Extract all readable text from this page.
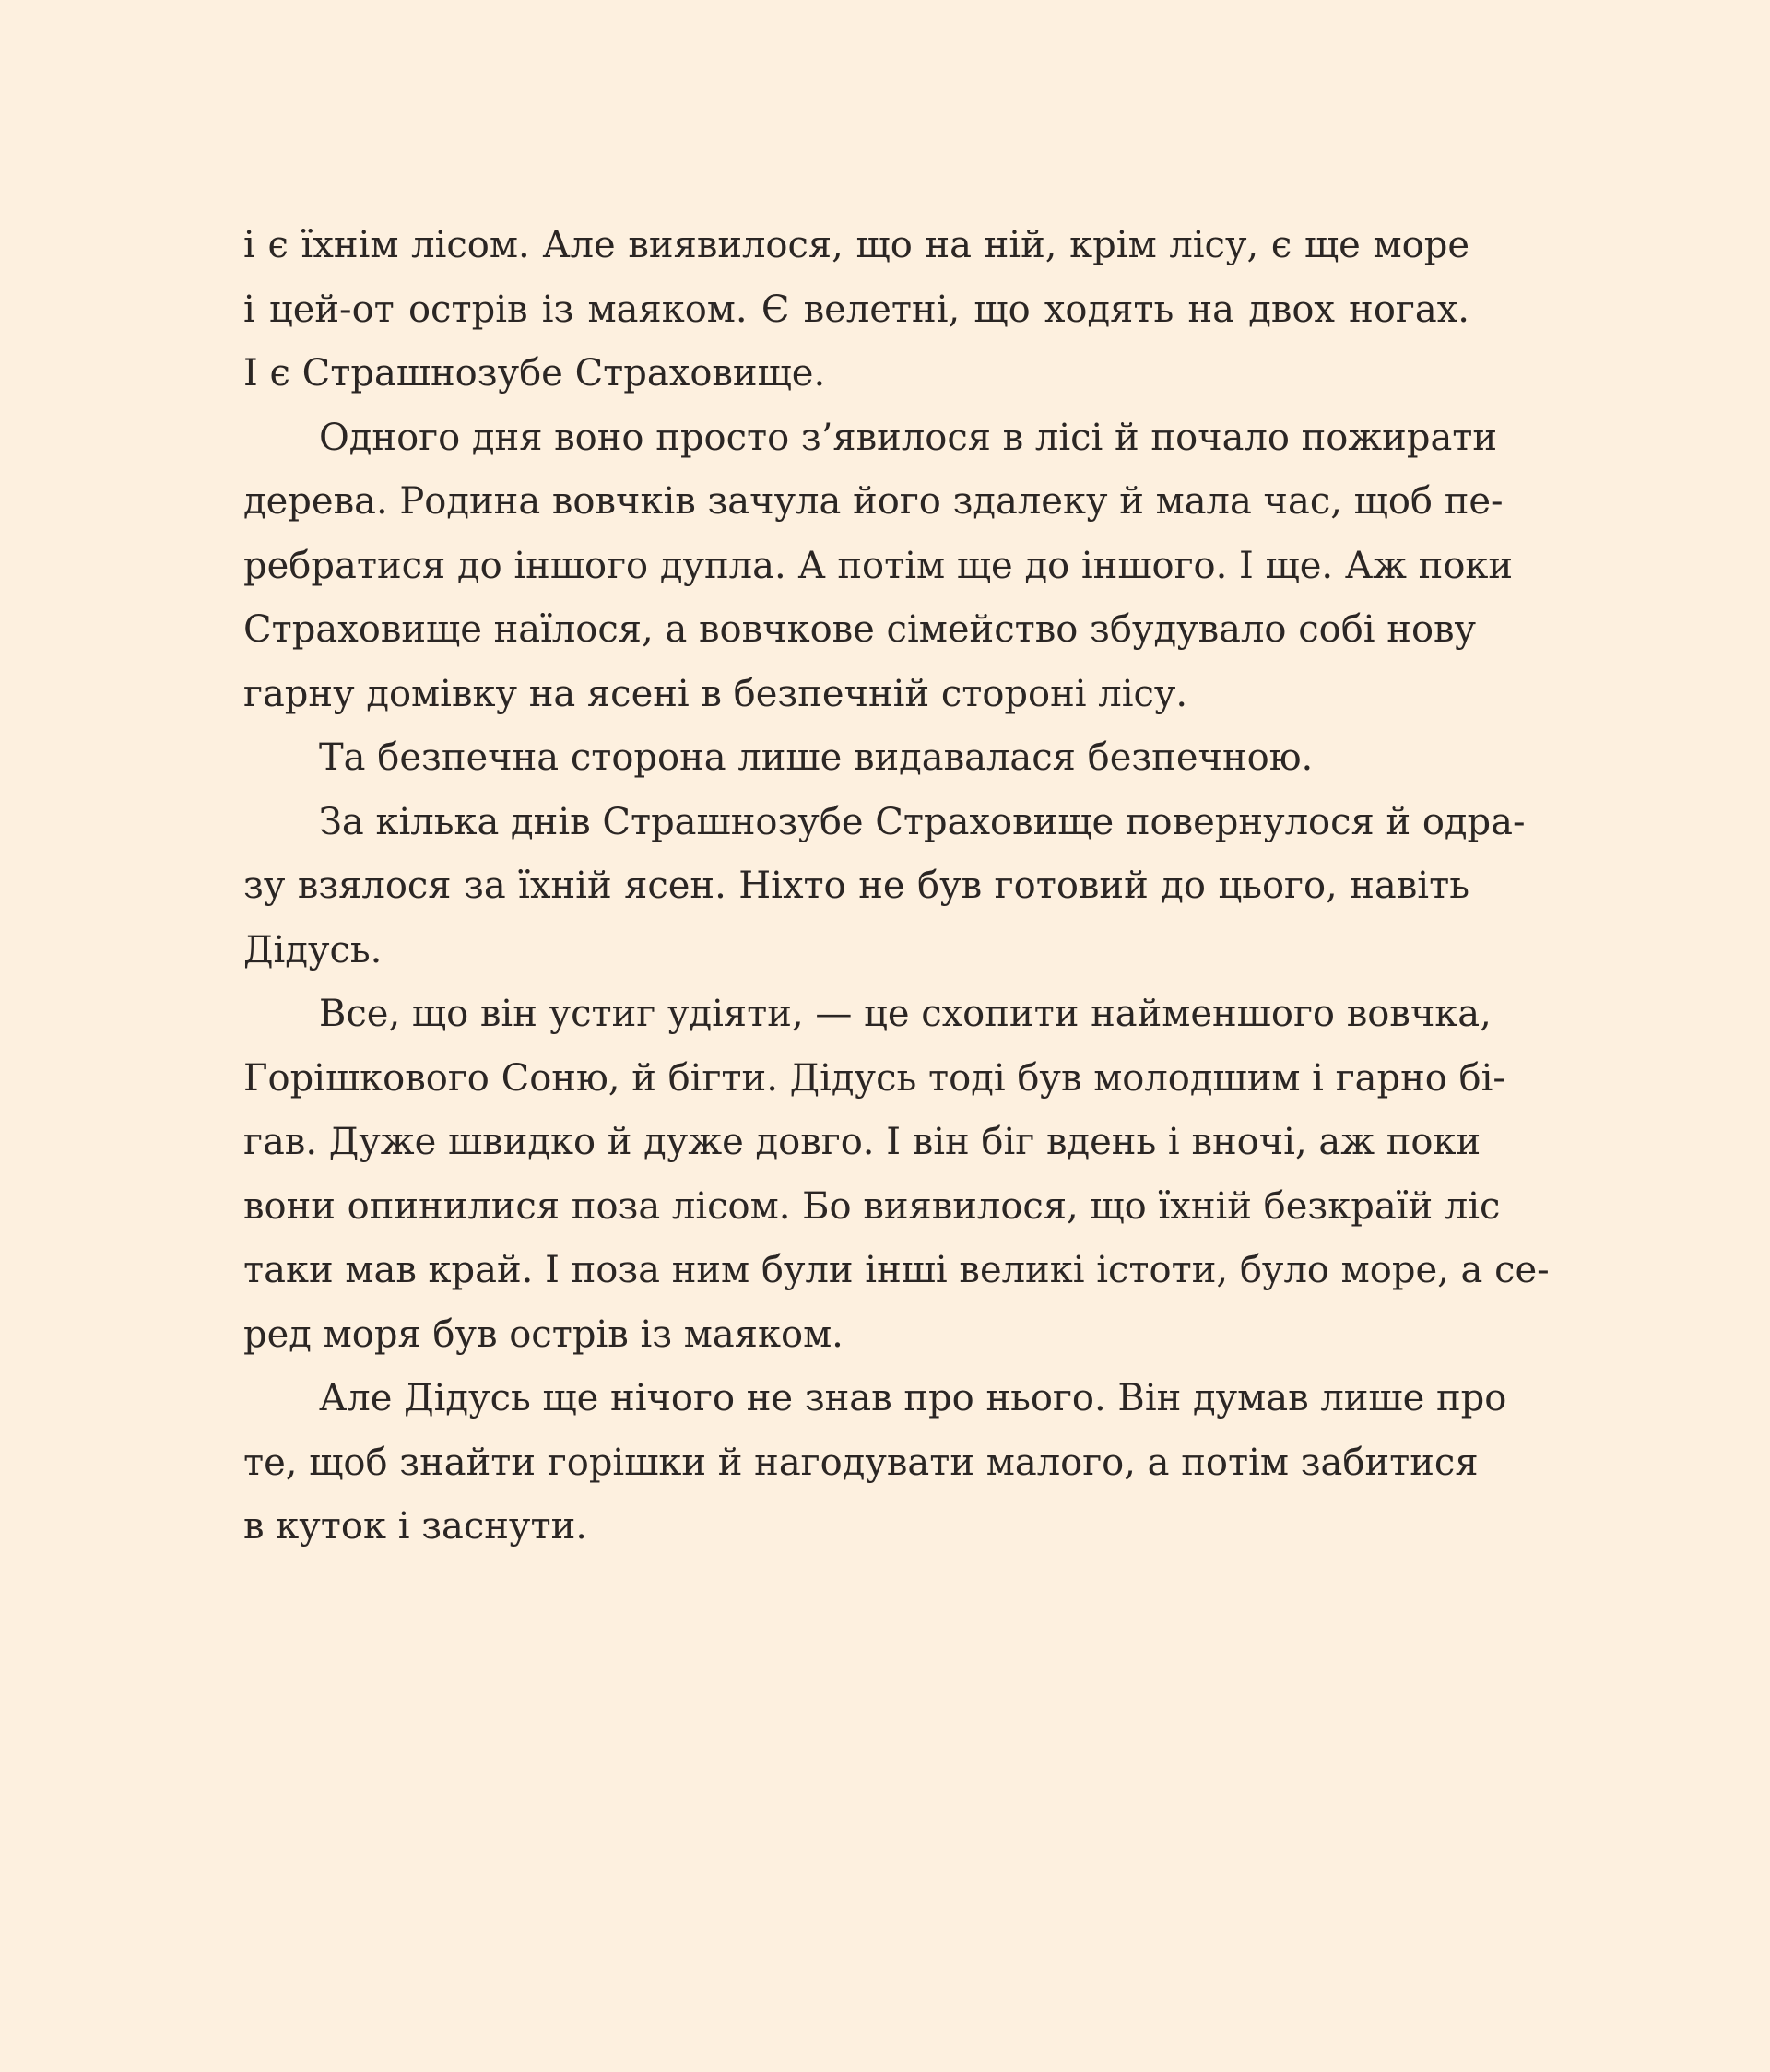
і є їхнім лісом. Але виявилося, що на ній, крім лісу, є ще море
і цей-от острів із маяком. Є велетні, що ходять на двох ногах.
І є Страшнозубе Страховище.
Одного дня воно просто з’явилося в лісі й почало пожирати
дерева. Родина вовчків зачула його здалеку й мала час, щоб пе-
ребратися до іншого дупла. А потім ще до іншого. І ще. Аж поки
Страховище наїлося, а вовчкове сімейство збудувало собі нову
гарну домівку на ясені в безпечній стороні лісу.
Та безпечна сторона лише видавалася безпечною.
За кілька днів Страшнозубе Страховище повернулося й одра-
зу взялося за їхній ясен. Ніхто не був готовий до цього, навіть
Дідусь.
Все, що він устиг удіяти, — це схопити найменшого вовчка,
Горішкового Соню, й бігти. Дідусь тоді був молодшим і гарно бі-
гав. Дуже швидко й дуже довго. І він біг вдень і вночі, аж поки
вони опинилися поза лісом. Бо виявилося, що їхній безкраїй ліс
таки мав край. І поза ним були інші великі істоти, було море, а се-
ред моря був острів із маяком.
Але Дідусь ще нічого не знав про нього. Він думав лише про
те, щоб знайти горішки й нагодувати малого, а потім забитися
в куток і заснути.
